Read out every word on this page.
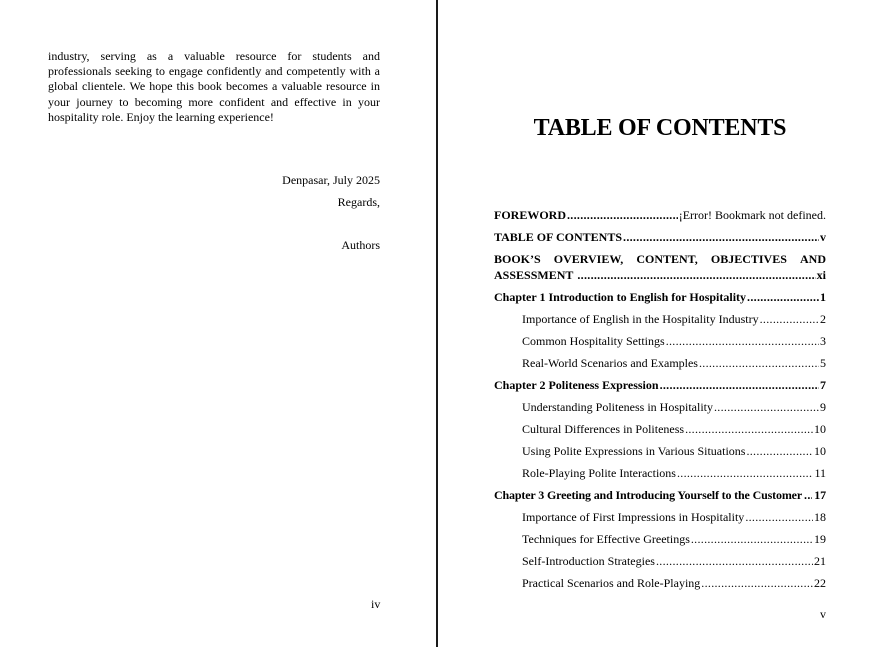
industry, serving as a valuable resource for students and professionals seeking to engage confidently and competently with a global clientele. We hope this book becomes a valuable resource in your journey to becoming more confident and effective in your hospitality role. Enjoy the learning experience!

Denpasar, July 2025
Regards,
Authors
iv
TABLE OF CONTENTS
FOREWORD .....	¡Error! Bookmark not defined.
TABLE OF CONTENTS .....	v
BOOK’S OVERVIEW, CONTENT, OBJECTIVES AND
ASSESSMENT .....	xi
Chapter 1 Introduction to English for Hospitality .....	1
Importance of English in the Hospitality Industry .....	2
Common Hospitality Settings .....	3
Real-World Scenarios and Examples .....	5
Chapter 2 Politeness Expression .....	7
Understanding Politeness in Hospitality .....	9
Cultural Differences in Politeness .....	10
Using Polite Expressions in Various Situations .....	10
Role-Playing Polite Interactions .....	11
Chapter 3 Greeting and Introducing Yourself to the Customer ..... 17
Importance of First Impressions in Hospitality .....	18
Techniques for Effective Greetings .....	19
Self-Introduction Strategies .....	21
Practical Scenarios and Role-Playing .....	22
v
